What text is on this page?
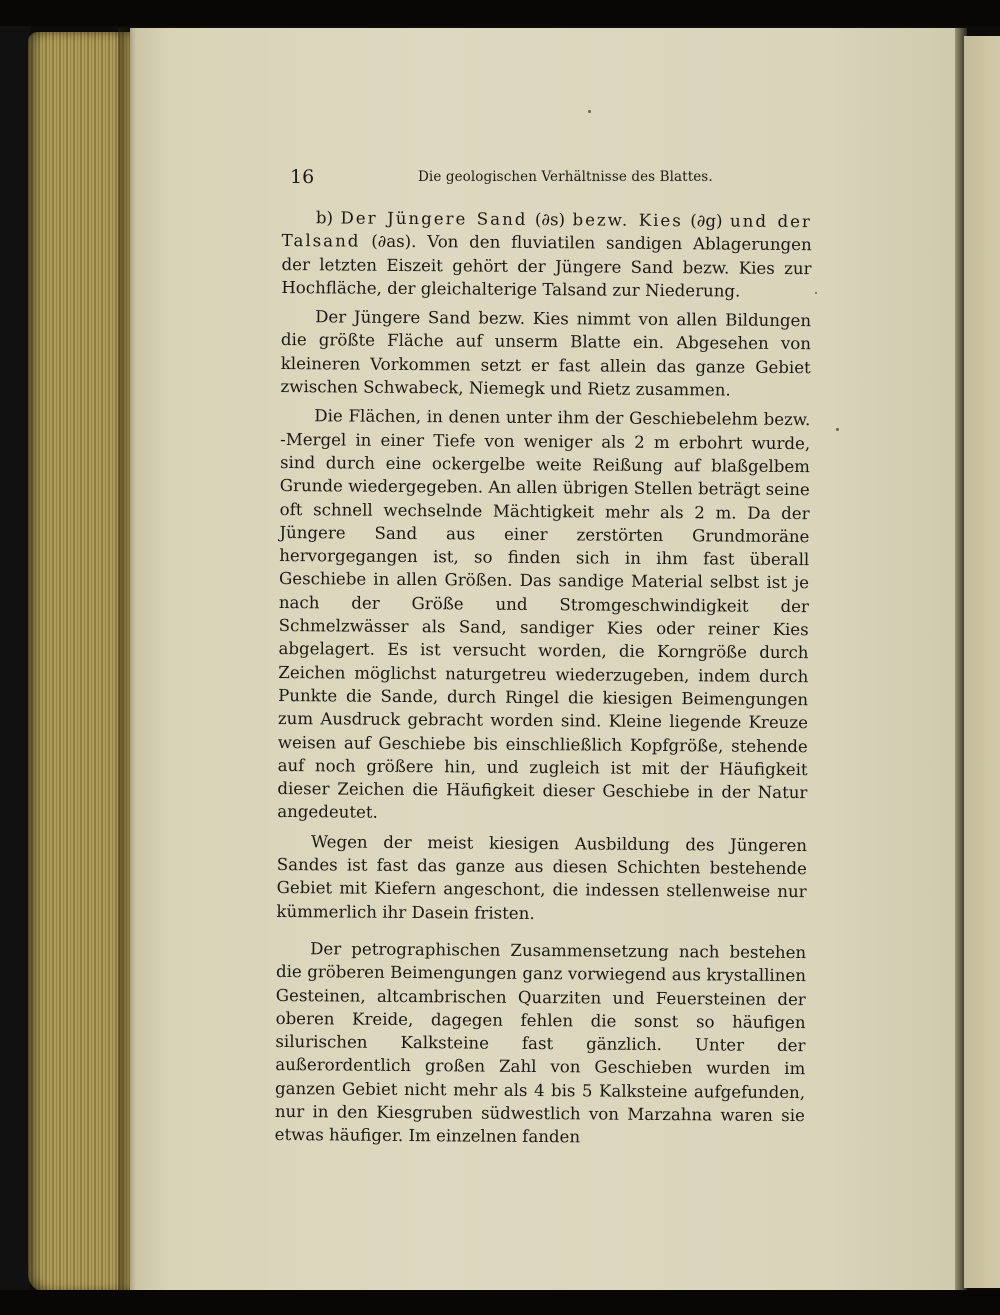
16	Die geologischen Verhältnisse des Blattes.

b) Der Jüngere Sand (∂s) bezw. Kies (∂g) und der Talsand (∂as). Von den fluviatilen sandigen Ablagerungen der letzten Eiszeit gehört der Jüngere Sand bezw. Kies zur Hochfläche, der gleichalterige Talsand zur Niederung.

Der Jüngere Sand bezw. Kies nimmt von allen Bildungen die größte Fläche auf unserm Blatte ein. Abgesehen von kleineren Vorkommen setzt er fast allein das ganze Gebiet zwischen Schwabeck, Niemegk und Rietz zusammen.

Die Flächen, in denen unter ihm der Geschiebelehm bezw. -Mergel in einer Tiefe von weniger als 2 m erbohrt wurde, sind durch eine ockergelbe weite Reißung auf blaßgelbem Grunde wiedergegeben. An allen übrigen Stellen beträgt seine oft schnell wechselnde Mächtigkeit mehr als 2 m. Da der Jüngere Sand aus einer zerstörten Grundmoräne hervorgegangen ist, so finden sich in ihm fast überall Geschiebe in allen Größen. Das sandige Material selbst ist je nach der Größe und Stromgeschwindigkeit der Schmelzwässer als Sand, sandiger Kies oder reiner Kies abgelagert. Es ist versucht worden, die Korngröße durch Zeichen möglichst naturgetreu wiederzugeben, indem durch Punkte die Sande, durch Ringel die kiesigen Beimengungen zum Ausdruck gebracht worden sind. Kleine liegende Kreuze weisen auf Geschiebe bis einschließlich Kopfgröße, stehende auf noch größere hin, und zugleich ist mit der Häufigkeit dieser Zeichen die Häufigkeit dieser Geschiebe in der Natur angedeutet.

Wegen der meist kiesigen Ausbildung des Jüngeren Sandes ist fast das ganze aus diesen Schichten bestehende Gebiet mit Kiefern angeschont, die indessen stellenweise nur kümmerlich ihr Dasein fristen.

Der petrographischen Zusammensetzung nach bestehen die gröberen Beimengungen ganz vorwiegend aus krystallinen Gesteinen, altcambrischen Quarziten und Feuersteinen der oberen Kreide, dagegen fehlen die sonst so häufigen silurischen Kalksteine fast gänzlich. Unter der außerordentlich großen Zahl von Geschieben wurden im ganzen Gebiet nicht mehr als 4 bis 5 Kalksteine aufgefunden, nur in den Kiesgruben südwestlich von Marzahna waren sie etwas häufiger. Im einzelnen fanden
